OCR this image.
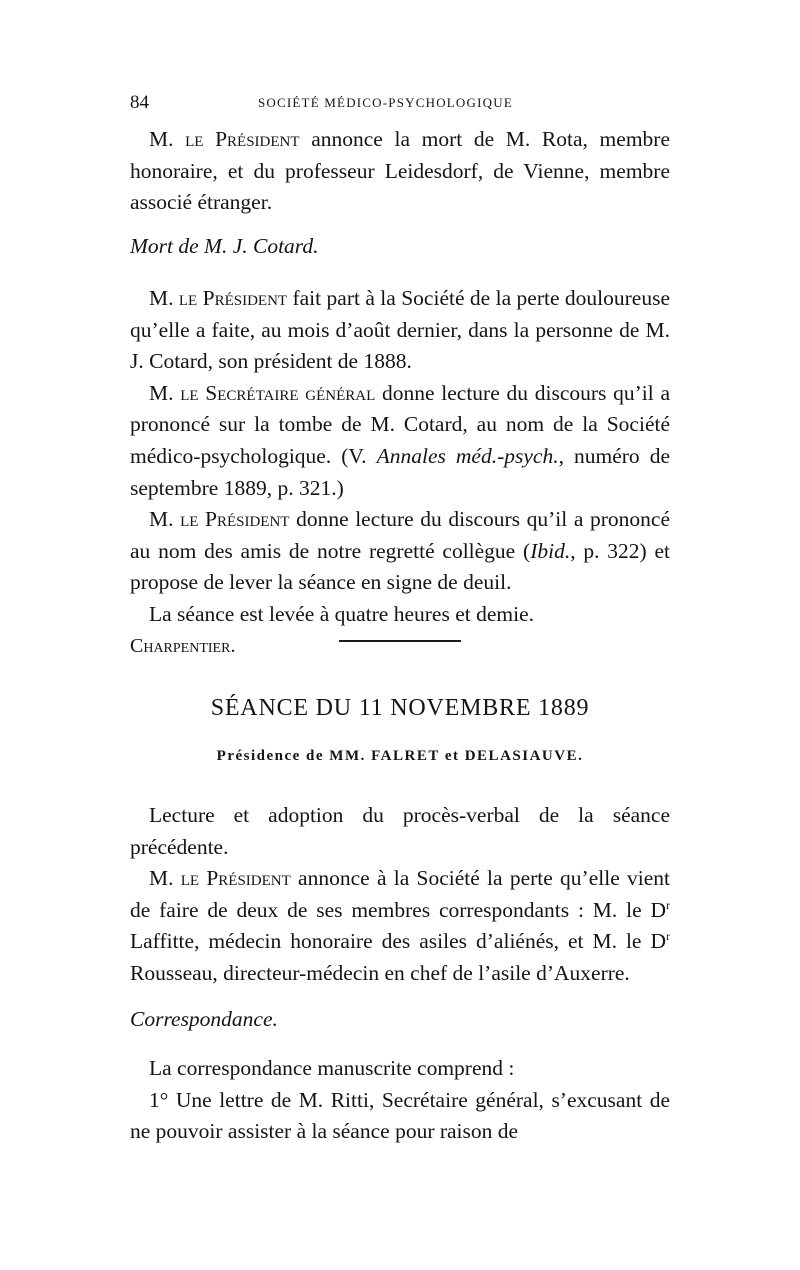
84	SOCIÉTÉ MÉDICO-PSYCHOLOGIQUE

M. le Président annonce la mort de M. Rota, membre honoraire, et du professeur Leidesdorf, de Vienne, membre associé étranger.

Mort de M. J. Cotard.

M. le Président fait part à la Société de la perte douloureuse qu’elle a faite, au mois d’août dernier, dans la personne de M. J. Cotard, son président de 1888.

M. le Secrétaire général donne lecture du discours qu’il a prononcé sur la tombe de M. Cotard, au nom de la Société médico-psychologique. (V. Annales méd.-psych., numéro de septembre 1889, p. 321.)

M. le Président donne lecture du discours qu’il a prononcé au nom des amis de notre regretté collègue (Ibid., p. 322) et propose de lever la séance en signe de deuil.

La séance est levée à quatre heures et demie.

Charpentier.

SÉANCE DU 11 NOVEMBRE 1889
Présidence de MM. FALRET et DELASIAUVE.

Lecture et adoption du procès-verbal de la séance précédente.

M. le Président annonce à la Société la perte qu’elle vient de faire de deux de ses membres correspondants : M. le $D^r$ Laffitte, médecin honoraire des asiles d’aliénés, et M. le $D^r$ Rousseau, directeur-médecin en chef de l’asile d’Auxerre.

Correspondance.

La correspondance manuscrite comprend :

1° Une lettre de M. Ritti, Secrétaire général, s’excusant de ne pouvoir assister à la séance pour raison de
